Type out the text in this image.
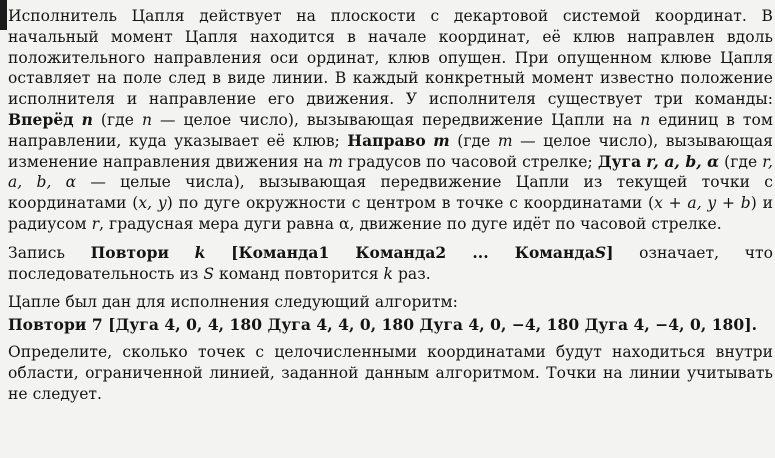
Исполнитель Цапля действует на плоскости с декартовой системой координат. В начальный момент Цапля находится в начале координат, её клюв направлен вдоль положительного направления оси ординат, клюв опущен. При опущенном клюве Цапля оставляет на поле след в виде линии. В каждый конкретный момент известно положение исполнителя и направление его движения. У исполнителя существует три команды: Вперёд n (где n — целое число), вызывающая передвижение Цапли на n единиц в том направлении, куда указывает её клюв; Направо m (где m — целое число), вызывающая изменение направления движения на m градусов по часовой стрелке; Дуга r, a, b, α (где r, a, b, α — целые числа), вызывающая передвижение Цапли из текущей точки с координатами (x, y) по дуге окружности с центром в точке с координатами (x + a, y + b) и радиусом r, градусная мера дуги равна α, движение по дуге идёт по часовой стрелке.

Запись Повтори k [Команда1 Команда2 ... КомандаS] означает, что последовательность из S команд повторится k раз.

Цапле был дан для исполнения следующий алгоритм:

Повтори 7 [Дуга 4, 0, 4, 180 Дуга 4, 4, 0, 180 Дуга 4, 0, −4, 180 Дуга 4, −4, 0, 180].

Определите, сколько точек с целочисленными координатами будут находиться внутри области, ограниченной линией, заданной данным алгоритмом. Точки на линии учитывать не следует.
